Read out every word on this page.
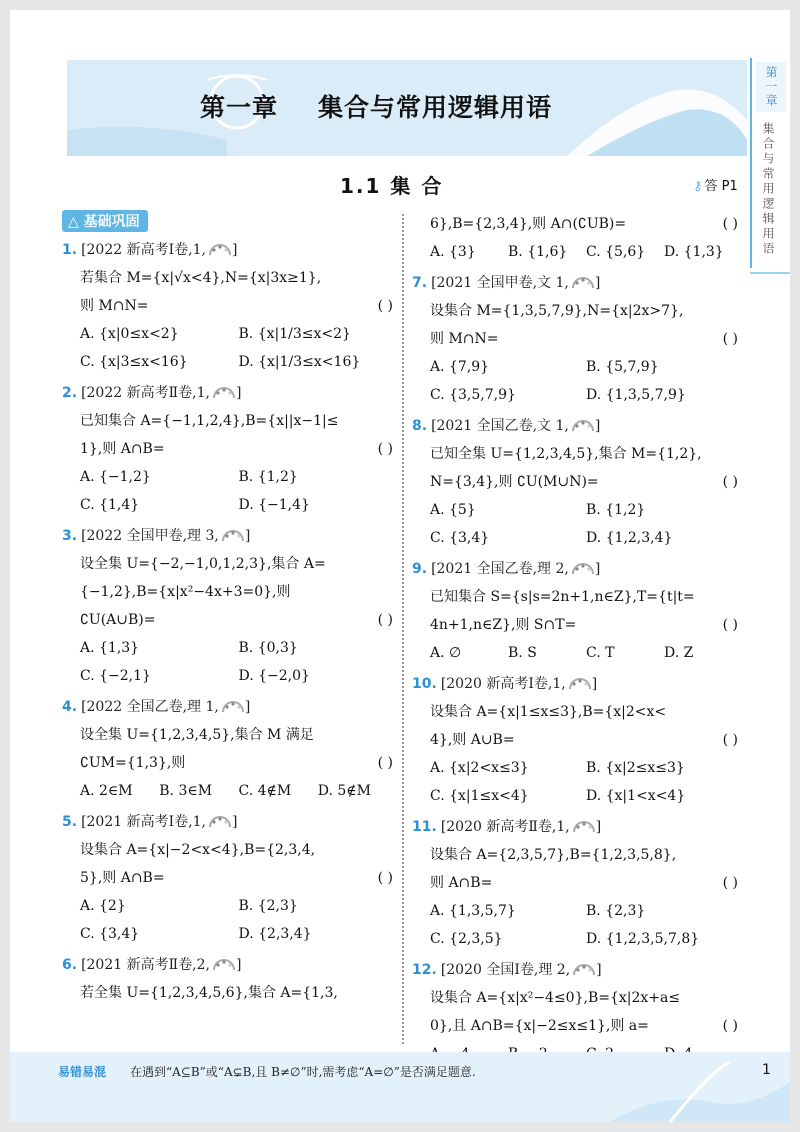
第一章 集合与常用逻辑用语	第一章
集合与常用逻辑用语
1.1 集 合	⚷ 答 P1
△ 基础巩固
1. [2022 新高考Ⅰ卷,1, ]
若集合 M={x|√x<4},N={x|3x≥1},
则 M∩N=	( )
A. {x|0≤x<2}	B. {x|1/3≤x<2}
C. {x|3≤x<16}	D. {x|1/3≤x<16}
2. [2022 新高考Ⅱ卷,1, ]
已知集合 A={−1,1,2,4},B={x||x−1|≤
1},则 A∩B=	( )
A. {−1,2}	B. {1,2}
C. {1,4}	D. {−1,4}
3. [2022 全国甲卷,理 3, ]
设全集 U={−2,−1,0,1,2,3},集合 A=
{−1,2},B={x|x²−4x+3=0},则
∁U(A∪B)=	( )
A. {1,3}	B. {0,3}
C. {−2,1}	D. {−2,0}
4. [2022 全国乙卷,理 1, ]
设全集 U={1,2,3,4,5},集合 M 满足
∁UM={1,3},则	( )
A. 2∈M	B. 3∈M	C. 4∉M	D. 5∉M
5. [2021 新高考Ⅰ卷,1, ]
设集合 A={x|−2<x<4},B={2,3,4,
5},则 A∩B=	( )
A. {2}	B. {2,3}
C. {3,4}	D. {2,3,4}
6. [2021 新高考Ⅱ卷,2, ]
若全集 U={1,2,3,4,5,6},集合 A={1,3,
6},B={2,3,4},则 A∩(∁UB)=	( )
A. {3}	B. {1,6}	C. {5,6}	D. {1,3}
7. [2021 全国甲卷,文 1, ]
设集合 M={1,3,5,7,9},N={x|2x>7},
则 M∩N=	( )
A. {7,9}	B. {5,7,9}
C. {3,5,7,9}	D. {1,3,5,7,9}
8. [2021 全国乙卷,文 1, ]
已知全集 U={1,2,3,4,5},集合 M={1,2},
N={3,4},则 ∁U(M∪N)=	( )
A. {5}	B. {1,2}
C. {3,4}	D. {1,2,3,4}
9. [2021 全国乙卷,理 2, ]
已知集合 S={s|s=2n+1,n∈Z},T={t|t=
4n+1,n∈Z},则 S∩T=	( )
A. ∅	B. S	C. T	D. Z
10. [2020 新高考Ⅰ卷,1, ]
设集合 A={x|1≤x≤3},B={x|2<x<
4},则 A∪B=	( )
A. {x|2<x≤3}	B. {x|2≤x≤3}
C. {x|1≤x<4}	D. {x|1<x<4}
11. [2020 新高考Ⅱ卷,1, ]
设集合 A={2,3,5,7},B={1,2,3,5,8},
则 A∩B=	( )
A. {1,3,5,7}	B. {2,3}
C. {2,3,5}	D. {1,2,3,5,7,8}
12. [2020 全国Ⅰ卷,理 2, ]
设集合 A={x|x²−4≤0},B={x|2x+a≤
0},且 A∩B={x|−2≤x≤1},则 a=	( )
易错易混 在遇到“A⊆B”或“A⊊B,且 B≠∅”时,需考虑“A=∅”是否满足题意.	1
